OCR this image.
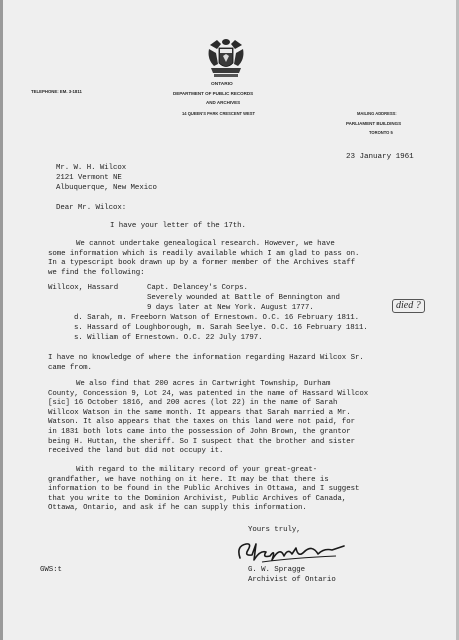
ONTARIO

TELEPHONE: EM. 3-1811	DEPARTMENT OF PUBLIC RECORDS

AND ARCHIVES

14 QUEEN'S PARK CRESCENT WEST	MAILING ADDRESS:

PARLIAMENT BUILDINGS

TORONTO 5

23 January 1961

Mr. W. H. Wilcox

2121 Vermont NE

Albuquerque, New Mexico

Dear Mr. Wilcox:

I have your letter of the 17th.

We cannot undertake genealogical research. However, we have
some information which is readily available which I am glad to pass on.
In a typescript book drawn up by a former member of the Archives staff
we find the following:

Willcox, Hassard	Capt. Delancey's Corps.

Severely wounded at Battle of Bennington and

9 days later at New York. August 1777.	died ?

d. Sarah, m. Freeborn Watson of Ernestown. O.C. 16 February 1811.

s. Hassard of Loughborough, m. Sarah Seelye. O.C. 16 February 1811.

s. William of Ernestown. O.C. 22 July 1797.

I have no knowledge of where the information regarding Hazard Wilcox Sr.
came from.
We also find that 200 acres in Cartwright Township, Durham
County, Concession 9, Lot 24, was patented in the name of Hassard Willcox
[sic] 16 October 1816, and 200 acres (lot 22) in the name of Sarah
Willcox Watson in the same month. It appears that Sarah married a Mr.
Watson. It also appears that the taxes on this land were not paid, for
in 1831 both lots came into the possession of John Brown, the grantor
being H. Huttan, the sheriff. So I suspect that the brother and sister
received the land but did not occupy it.
With regard to the military record of your great-great-
grandfather, we have nothing on it here. It may be that there is
information to be found in the Public Archives in Ottawa, and I suggest
that you write to the Dominion Archivist, Public Archives of Canada,
Ottawa, Ontario, and ask if he can supply this information.

Yours truly,

GWS:t	G. W. Spragge

Archivist of Ontario
